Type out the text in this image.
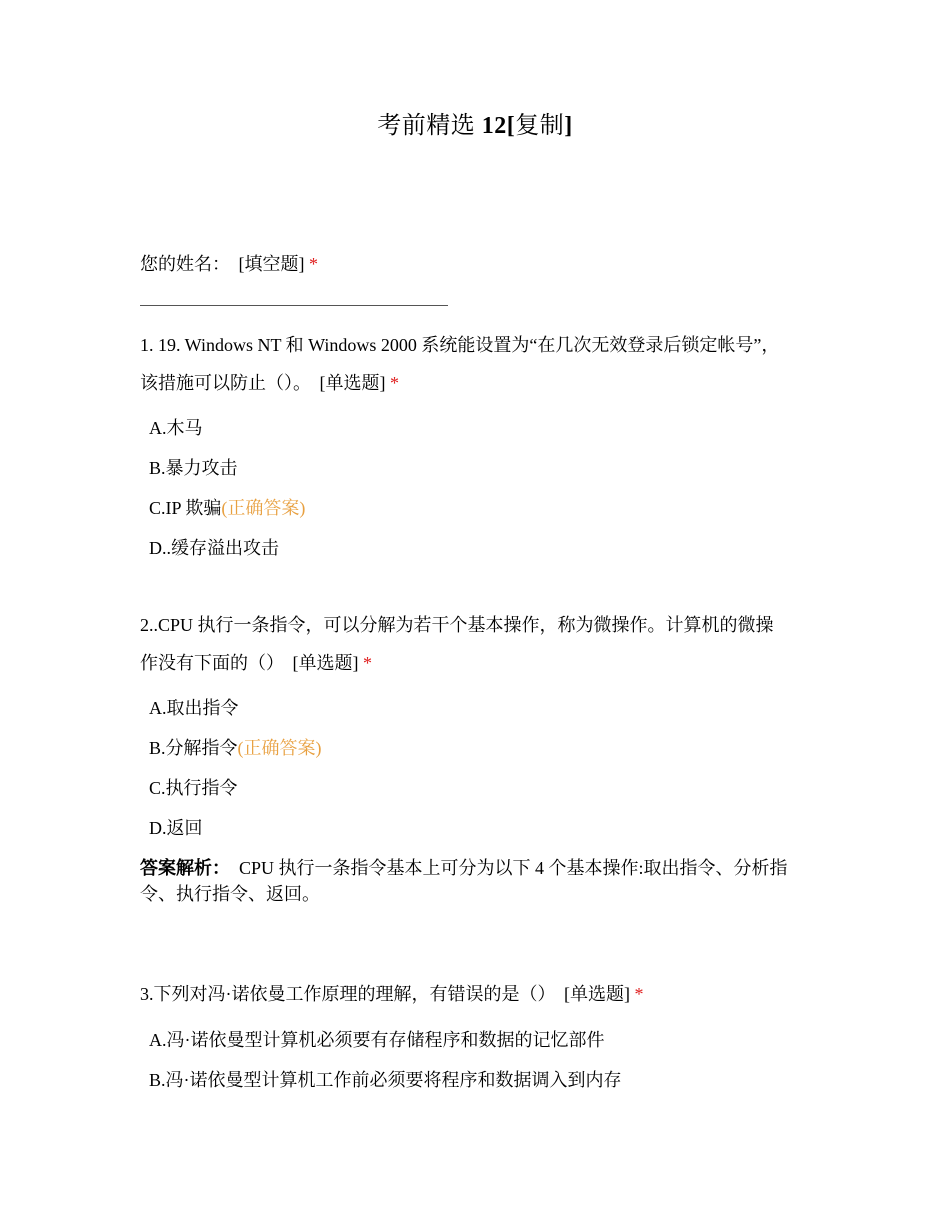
考前精选 12[复制]
您的姓名： [填空题] *
1. 19. Windows NT 和 Windows 2000 系统能设置为“在几次无效登录后锁定帐号”，
该措施可以防止（）。 [单选题] *
A.木马
B.暴力攻击
C.IP 欺骗(正确答案)
D..缓存溢出攻击
2..CPU 执行一条指令，可以分解为若干个基本操作，称为微操作。计算机的微操
作没有下面的（） [单选题] *
A.取出指令
B.分解指令(正确答案)
C.执行指令
D.返回
答案解析： CPU 执行一条指令基本上可分为以下 4 个基本操作:取出指令、分析指
令、执行指令、返回。
3.下列对冯·诺依曼工作原理的理解，有错误的是（） [单选题] *
A.冯·诺依曼型计算机必须要有存储程序和数据的记忆部件
B.冯·诺依曼型计算机工作前必须要将程序和数据调入到内存
